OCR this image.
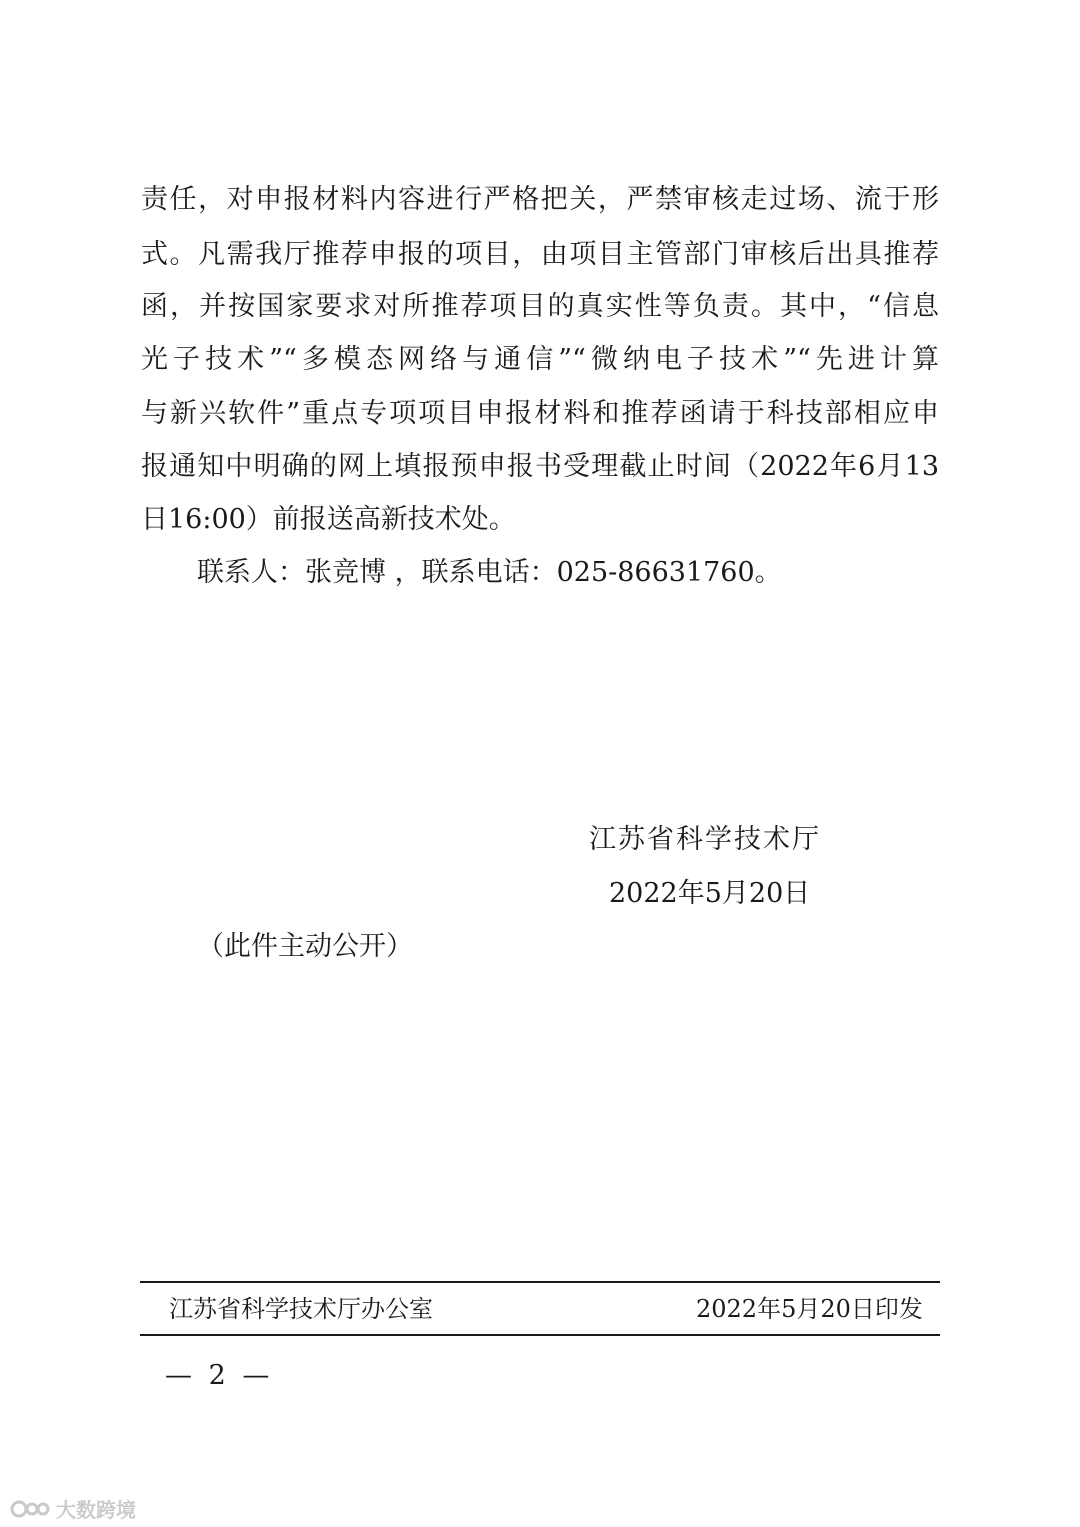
责任，对申报材料内容进行严格把关，严禁审核走过场、流于形
式。凡需我厅推荐申报的项目，由项目主管部门审核后出具推荐
函，并按国家要求对所推荐项目的真实性等负责。其中，“信息
光子技术”“多模态网络与通信”“微纳电子技术”“先进计算
与新兴软件”重点专项项目申报材料和推荐函请于科技部相应申
报通知中明确的网上填报预申报书受理截止时间（2022年6月13
日16:00）前报送高新技术处。
联系人：张竞博 ，联系电话：025-86631760。
江苏省科学技术厅
2022年5月20日
（此件主动公开）
江苏省科学技术厅办公室	2022年5月20日印发
— 2 —
大数跨境
